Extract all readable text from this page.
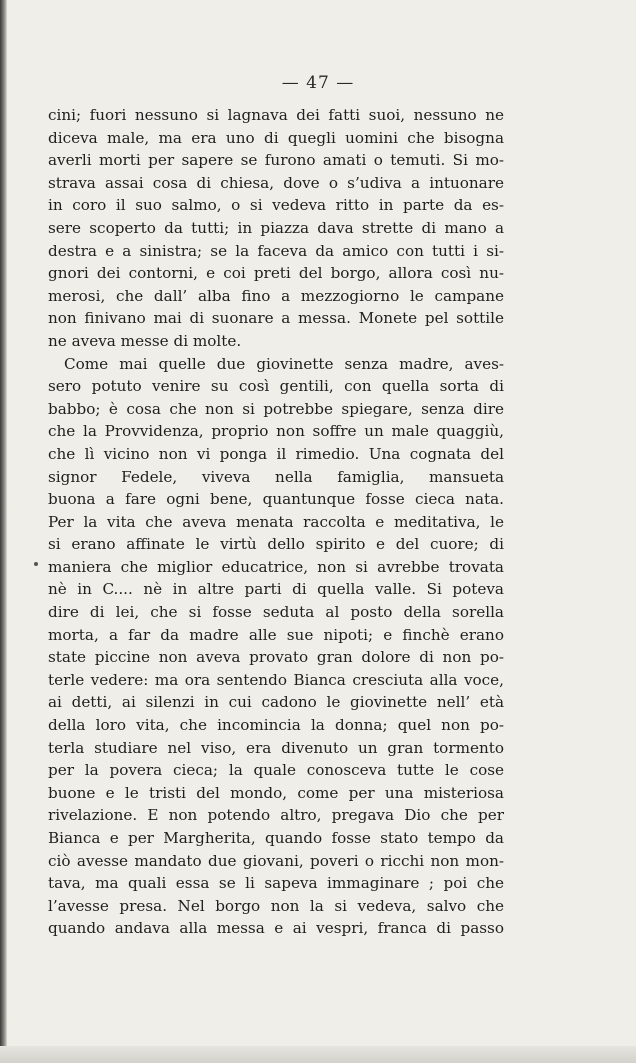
— 47 —
cini; fuori nessuno si lagnava dei fatti suoi, nessuno ne
diceva male, ma era uno di quegli uomini che bisogna
averli morti per sapere se furono amati o temuti. Si mo-
strava assai cosa di chiesa, dove o s’udiva a intuonare
in coro il suo salmo, o si vedeva ritto in parte da es-
sere scoperto da tutti; in piazza dava strette di mano a
destra e a sinistra; se la faceva da amico con tutti i si-
gnori dei contorni, e coi preti del borgo, allora così nu-
merosi, che dall’ alba fino a mezzogiorno le campane
non finivano mai di suonare a messa. Monete pel sottile
ne aveva messe di molte.
Come mai quelle due giovinette senza madre, aves-
sero potuto venire su così gentili, con quella sorta di
babbo; è cosa che non si potrebbe spiegare, senza dire
che la Provvidenza, proprio non soffre un male quaggiù,
che lì vicino non vi ponga il rimedio. Una cognata del
signor Fedele, viveva nella famiglia, mansueta
buona a fare ogni bene, quantunque fosse cieca nata.
Per la vita che aveva menata raccolta e meditativa, le
si erano affinate le virtù dello spirito e del cuore; di
maniera che miglior educatrice, non si avrebbe trovata
nè in C.... nè in altre parti di quella valle. Si poteva
dire di lei, che si fosse seduta al posto della sorella
morta, a far da madre alle sue nipoti; e finchè erano
state piccine non aveva provato gran dolore di non po-
terle vedere: ma ora sentendo Bianca cresciuta alla voce,
ai detti, ai silenzi in cui cadono le giovinette nell’ età
della loro vita, che incomincia la donna; quel non po-
terla studiare nel viso, era divenuto un gran tormento
per la povera cieca; la quale conosceva tutte le cose
buone e le tristi del mondo, come per una misteriosa
rivelazione. E non potendo altro, pregava Dio che per
Bianca e per Margherita, quando fosse stato tempo da
ciò avesse mandato due giovani, poveri o ricchi non mon-
tava, ma quali essa se li sapeva immaginare ; poi che
l’avesse presa. Nel borgo non la si vedeva, salvo che
quando andava alla messa e ai vespri, franca di passo
